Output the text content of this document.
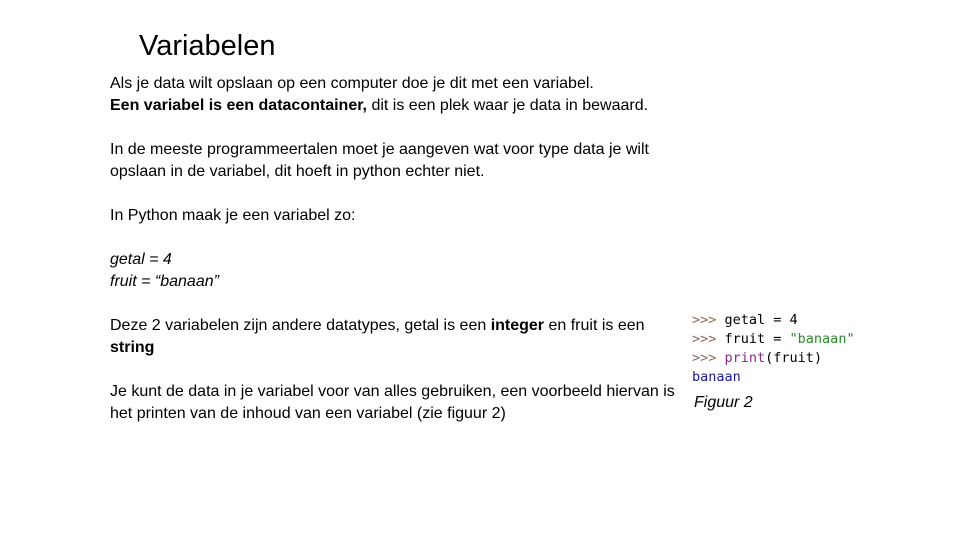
Variabelen

Als je data wilt opslaan op een computer doe je dit met een variabel.
Een variabel is een datacontainer, dit is een plek waar je data in bewaard.

In de meeste programmeertalen moet je aangeven wat voor type data je wilt opslaan in de variabel, dit hoeft in python echter niet.

In Python maak je een variabel zo:

getal = 4
fruit = “banaan”

Deze 2 variabelen zijn andere datatypes, getal is een integer en fruit is een string

Je kunt de data in je variabel voor van alles gebruiken, een voorbeeld hiervan is het printen van de inhoud van een variabel (zie figuur 2)

>>> getal = 4
>>> fruit = "banaan"
>>> print(fruit)
banaan
Figuur 2
